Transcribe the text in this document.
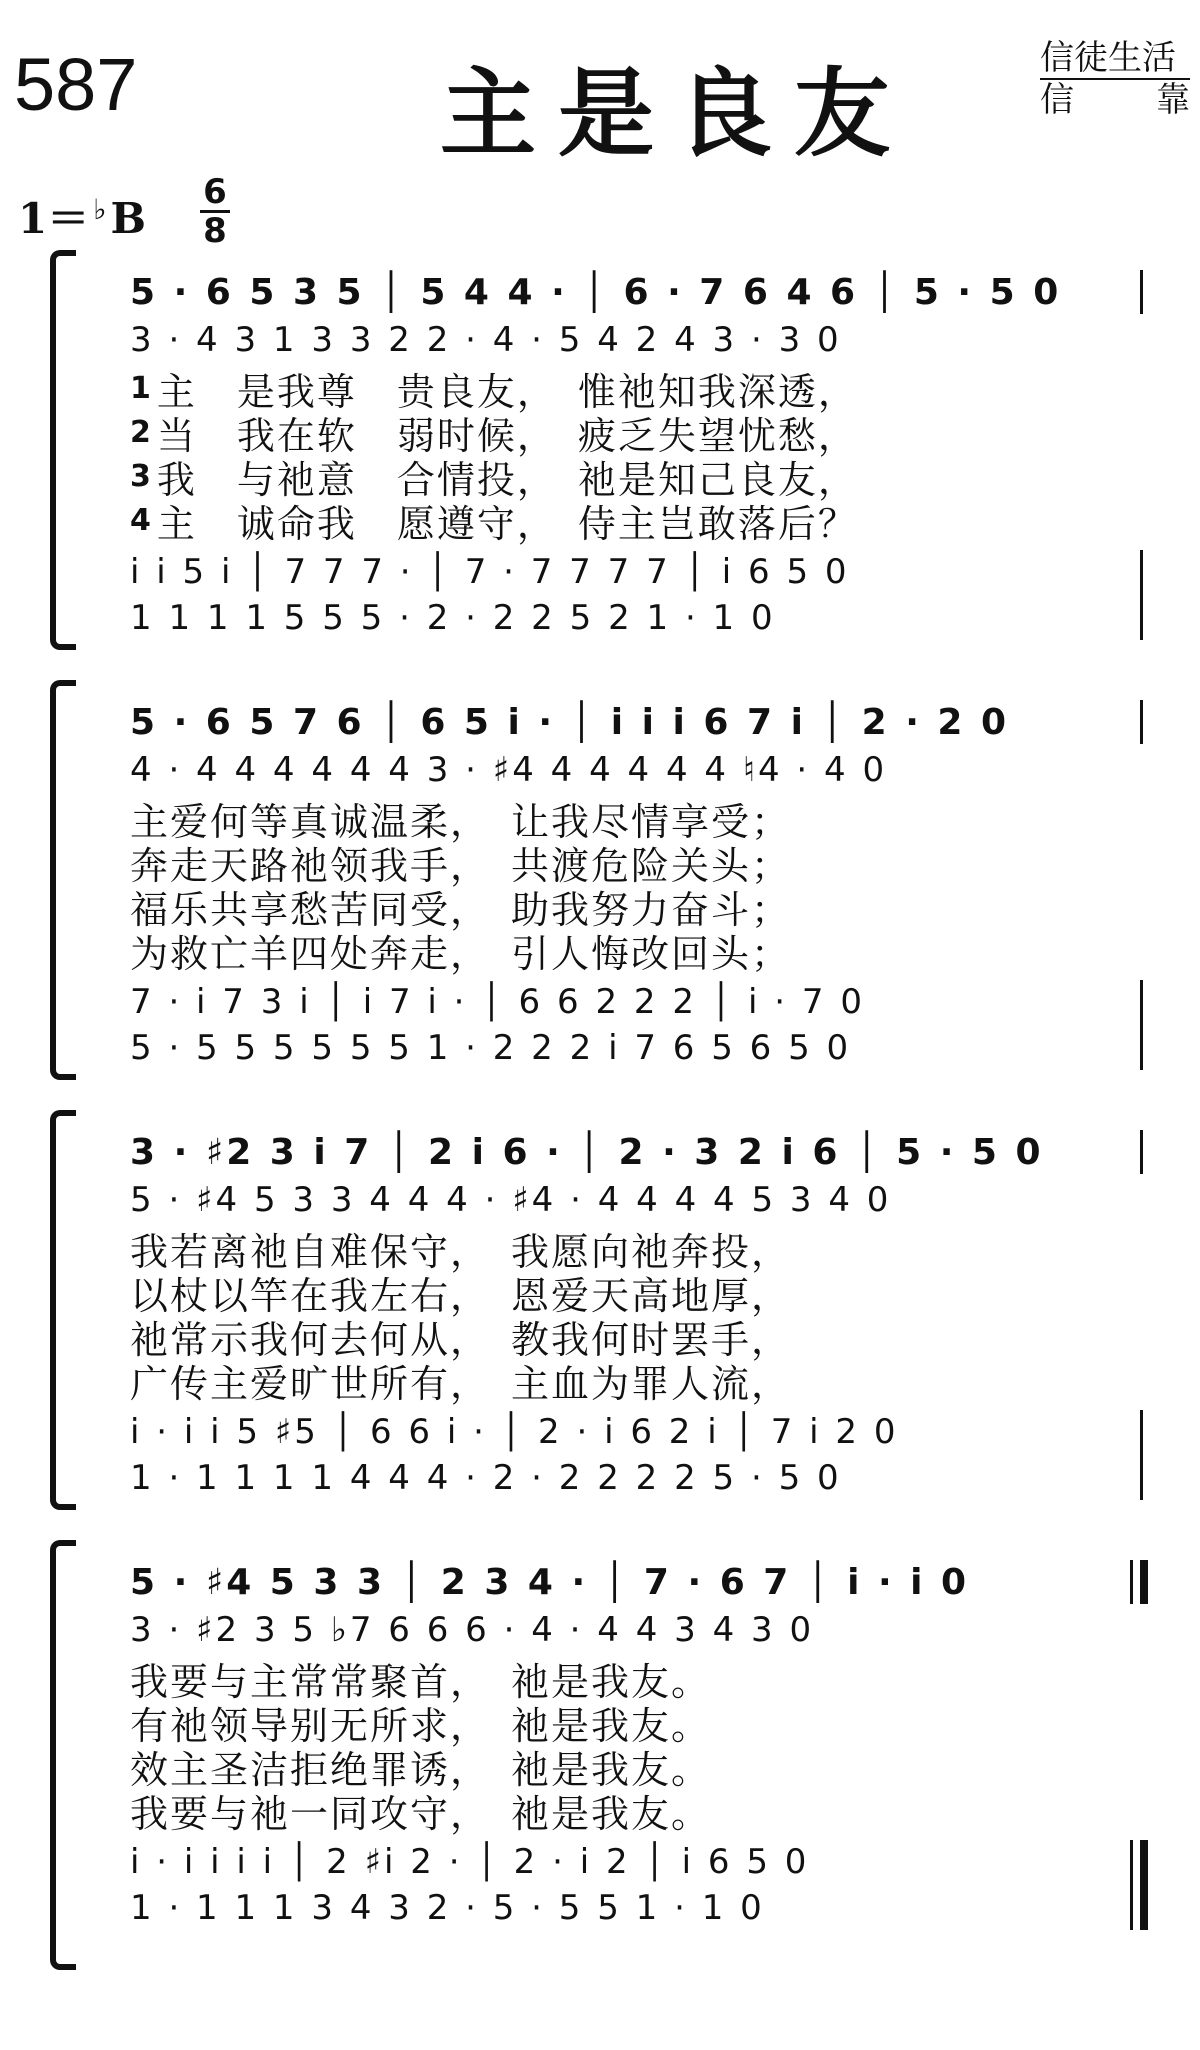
587	主是良友	信徒生活
信 靠
1＝ ♭B
6
8
5 · 6 5 3 5 │ 5 4 4 · │ 6 · 7 6 4 6 │ 5 · 5 0
3 · 4 3 1 3 3 2 2 · 4 · 5 4 2 4 3 · 3 0
1 主　是我尊　贵良友，　惟祂知我深透，
2 当　我在软　弱时候，　疲乏失望忧愁，
3 我　与祂意　合情投，　祂是知己良友，
4 主　诚命我　愿遵守，　侍主岂敢落后？
i i 5 i │ 7 7 7 · │ 7 · 7 7 7 7 │ i 6 5 0
1 1 1 1 5 5 5 · 2 · 2 2 5 2 1 · 1 0
5 · 6 5 7 6 │ 6 5 i · │ i i i 6 7 i │ 2 · 2 0
4 · 4 4 4 4 4 4 3 · ♯4 4 4 4 4 4 ♮4 · 4 0
主爱何等真诚温柔，　让我尽情享受；
奔走天路祂领我手，　共渡危险关头；
福乐共享愁苦同受，　助我努力奋斗；
为救亡羊四处奔走，　引人悔改回头；
7 · i 7 3 i │ i 7 i · │ 6 6 2 2 2 │ i · 7 0
5 · 5 5 5 5 5 5 1 · 2 2 2 i 7 6 5 6 5 0
3 · ♯2 3 i 7 │ 2 i 6 · │ 2 · 3 2 i 6 │ 5 · 5 0
5 · ♯4 5 3 3 4 4 4 · ♯4 · 4 4 4 4 5 3 4 0
我若离祂自难保守，　我愿向祂奔投，
以杖以竿在我左右，　恩爱天高地厚，
祂常示我何去何从，　教我何时罢手，
广传主爱旷世所有，　主血为罪人流，
i · i i 5 ♯5 │ 6 6 i · │ 2 · i 6 2 i │ 7 i 2 0
1 · 1 1 1 1 4 4 4 · 2 · 2 2 2 2 5 · 5 0
5 · ♯4 5 3 3 │ 2 3 4 · │ 7 · 6 7 │ i · i 0
3 · ♯2 3 5 ♭7 6 6 6 · 4 · 4 4 3 4 3 0
我要与主常常聚首，　祂是我友。
有祂领导别无所求，　祂是我友。
效主圣洁拒绝罪诱，　祂是我友。
我要与祂一同攻守，　祂是我友。
i · i i i i │ 2 ♯i 2 · │ 2 · i 2 │ i 6 5 0
1 · 1 1 1 3 4 3 2 · 5 · 5 5 1 · 1 0
